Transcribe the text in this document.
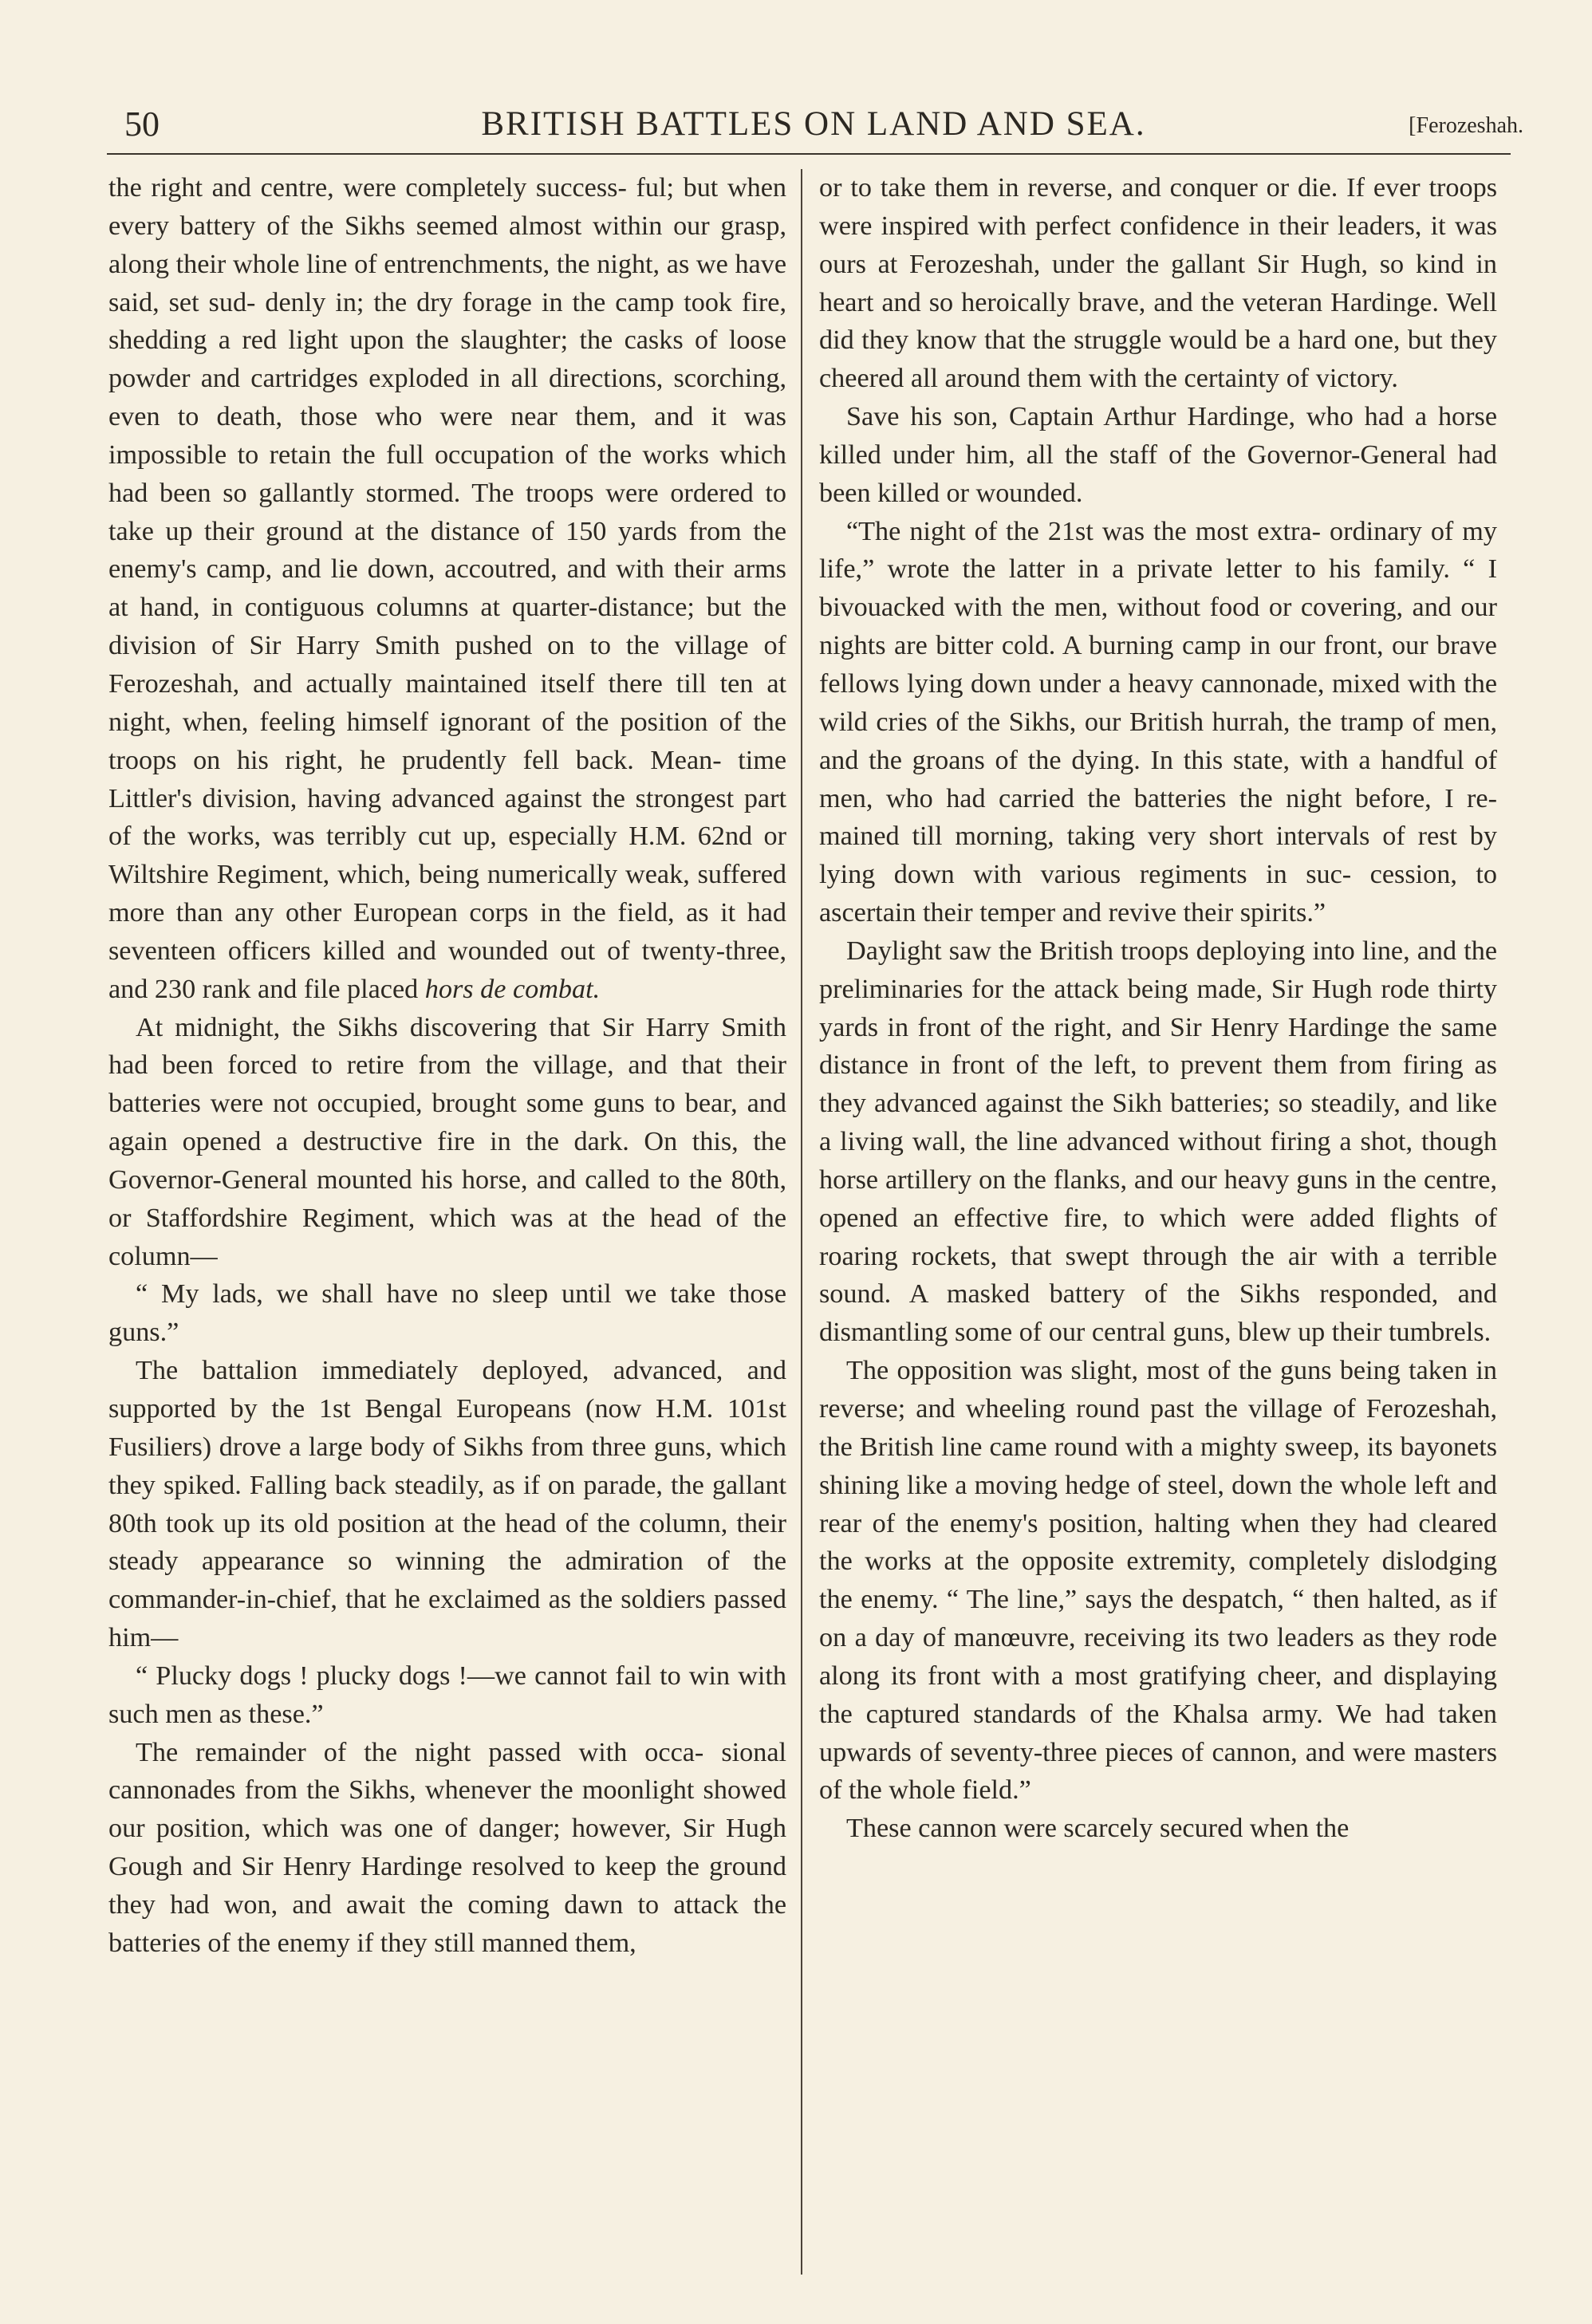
50	BRITISH BATTLES ON LAND AND SEA.	[Ferozeshah.

the right and centre, were completely success- ful; but when every battery of the Sikhs seemed almost within our grasp, along their whole line of entrenchments, the night, as we have said, set sud- denly in; the dry forage in the camp took fire, shedding a red light upon the slaughter; the casks of loose powder and cartridges exploded in all directions, scorching, even to death, those who were near them, and it was impossible to retain the full occupation of the works which had been so gallantly stormed. The troops were ordered to take up their ground at the distance of 150 yards from the enemy's camp, and lie down, accoutred, and with their arms at hand, in contiguous columns at quarter-distance; but the division of Sir Harry Smith pushed on to the village of Ferozeshah, and actually maintained itself there till ten at night, when, feeling himself ignorant of the position of the troops on his right, he prudently fell back. Mean- time Littler's division, having advanced against the strongest part of the works, was terribly cut up, especially H.M. 62nd or Wiltshire Regiment, which, being numerically weak, suffered more than any other European corps in the field, as it had seventeen officers killed and wounded out of twenty-three, and 230 rank and file placed hors de combat.

At midnight, the Sikhs discovering that Sir Harry Smith had been forced to retire from the village, and that their batteries were not occupied, brought some guns to bear, and again opened a destructive fire in the dark. On this, the Governor-General mounted his horse, and called to the 80th, or Staffordshire Regiment, which was at the head of the column—

“ My lads, we shall have no sleep until we take those guns.”

The battalion immediately deployed, advanced, and supported by the 1st Bengal Europeans (now H.M. 101st Fusiliers) drove a large body of Sikhs from three guns, which they spiked. Falling back steadily, as if on parade, the gallant 80th took up its old position at the head of the column, their steady appearance so winning the admiration of the commander-in-chief, that he exclaimed as the soldiers passed him—

“ Plucky dogs ! plucky dogs !—we cannot fail to win with such men as these.”

The remainder of the night passed with occa- sional cannonades from the Sikhs, whenever the moonlight showed our position, which was one of danger; however, Sir Hugh Gough and Sir Henry Hardinge resolved to keep the ground they had won, and await the coming dawn to attack the batteries of the enemy if they still manned them,

or to take them in reverse, and conquer or die. If ever troops were inspired with perfect confidence in their leaders, it was ours at Ferozeshah, under the gallant Sir Hugh, so kind in heart and so heroically brave, and the veteran Hardinge. Well did they know that the struggle would be a hard one, but they cheered all around them with the certainty of victory.

Save his son, Captain Arthur Hardinge, who had a horse killed under him, all the staff of the Governor-General had been killed or wounded.

“The night of the 21st was the most extra- ordinary of my life,” wrote the latter in a private letter to his family. “ I bivouacked with the men, without food or covering, and our nights are bitter cold. A burning camp in our front, our brave fellows lying down under a heavy cannonade, mixed with the wild cries of the Sikhs, our British hurrah, the tramp of men, and the groans of the dying. In this state, with a handful of men, who had carried the batteries the night before, I re- mained till morning, taking very short intervals of rest by lying down with various regiments in suc- cession, to ascertain their temper and revive their spirits.”

Daylight saw the British troops deploying into line, and the preliminaries for the attack being made, Sir Hugh rode thirty yards in front of the right, and Sir Henry Hardinge the same distance in front of the left, to prevent them from firing as they advanced against the Sikh batteries; so steadily, and like a living wall, the line advanced without firing a shot, though horse artillery on the flanks, and our heavy guns in the centre, opened an effective fire, to which were added flights of roaring rockets, that swept through the air with a terrible sound. A masked battery of the Sikhs responded, and dismantling some of our central guns, blew up their tumbrels.

The opposition was slight, most of the guns being taken in reverse; and wheeling round past the village of Ferozeshah, the British line came round with a mighty sweep, its bayonets shining like a moving hedge of steel, down the whole left and rear of the enemy's position, halting when they had cleared the works at the opposite extremity, completely dislodging the enemy. “ The line,” says the despatch, “ then halted, as if on a day of manœuvre, receiving its two leaders as they rode along its front with a most gratifying cheer, and displaying the captured standards of the Khalsa army. We had taken upwards of seventy-three pieces of cannon, and were masters of the whole field.”

These cannon were scarcely secured when the
